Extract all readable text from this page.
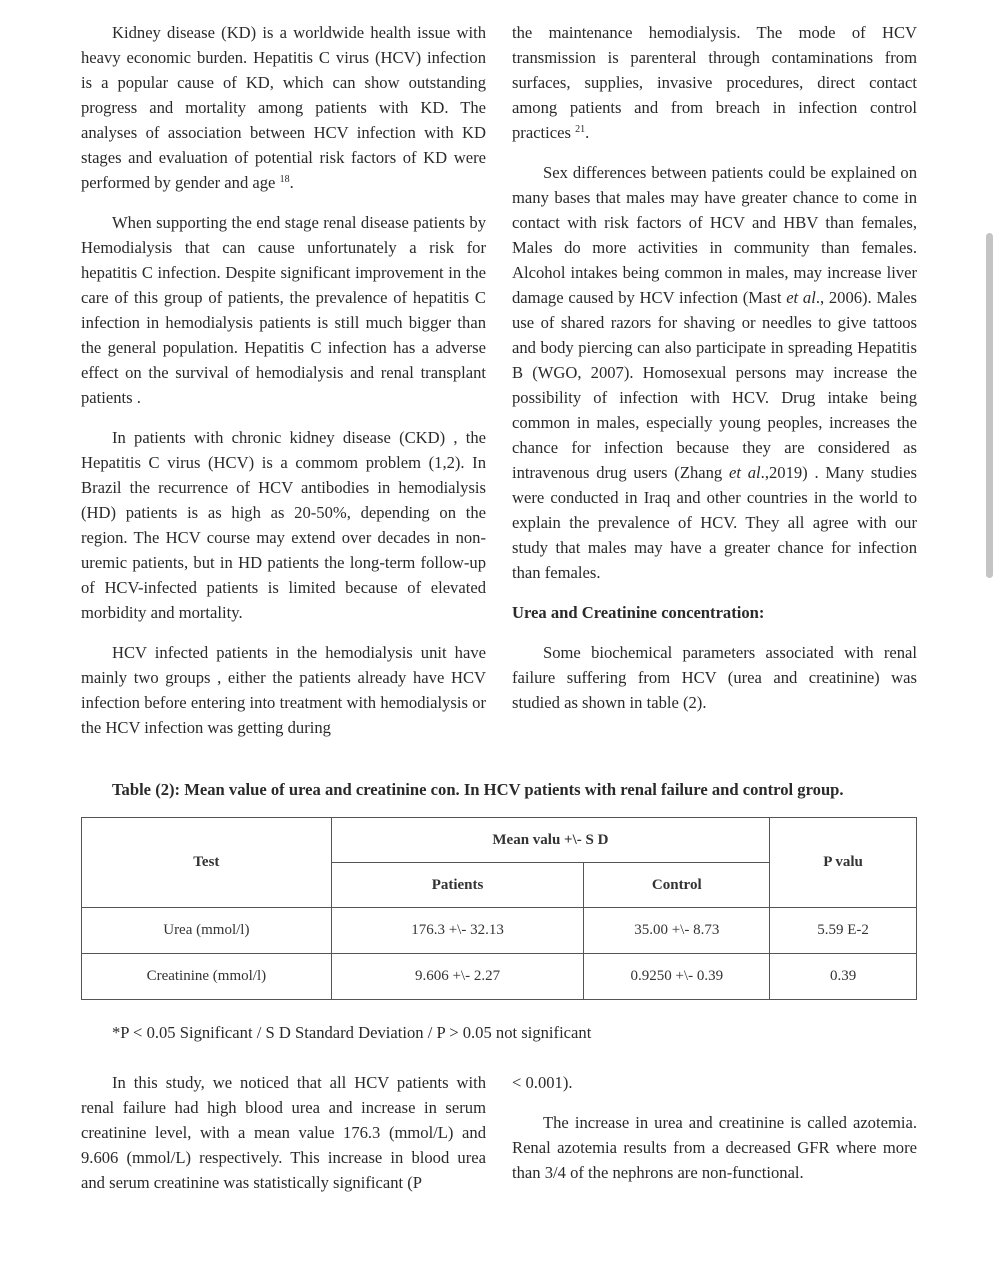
Kidney disease (KD) is a worldwide health issue with heavy economic burden. Hepatitis C virus (HCV) infection is a popular cause of KD, which can show outstanding progress and mortality among patients with KD. The analyses of association between HCV infection with KD stages and evaluation of potential risk factors of KD were performed by gender and age $^{18}$.

When supporting the end stage renal disease patients by Hemodialysis that can cause unfortunately a risk for hepatitis C infection. Despite significant improvement in the care of this group of patients, the prevalence of hepatitis C infection in hemodialysis patients is still much bigger than the general population. Hepatitis C infection has a adverse effect on the survival of hemodialysis and renal transplant patients .

In patients with chronic kidney disease (CKD) , the Hepatitis C virus (HCV) is a commom problem (1,2). In Brazil the recurrence of HCV antibodies in hemodialysis (HD) patients is as high as 20-50%, depending on the region. The HCV course may extend over decades in non-uremic patients, but in HD patients the long-term follow-up of HCV-infected patients is limited because of elevated morbidity and mortality.

HCV infected patients in the hemodialysis unit have mainly two groups , either the patients already have HCV infection before entering into treatment with hemodialysis or the HCV infection was getting during

the maintenance hemodialysis. The mode of HCV transmission is parenteral through contaminations from surfaces, supplies, invasive procedures, direct contact among patients and from breach in infection control practices $^{21}$.

Sex differences between patients could be explained on many bases that males may have greater chance to come in contact with risk factors of HCV and HBV than females, Males do more activities in community than females. Alcohol intakes being common in males, may increase liver damage caused by HCV infection (Mast et al., 2006). Males use of shared razors for shaving or needles to give tattoos and body piercing can also participate in spreading Hepatitis B (WGO, 2007). Homosexual persons may increase the possibility of infection with HCV. Drug intake being common in males, especially young peoples, increases the chance for infection because they are considered as intravenous drug users (Zhang et al.,2019) . Many studies were conducted in Iraq and other countries in the world to explain the prevalence of HCV. They all agree with our study that males may have a greater chance for infection than females.

Urea and Creatinine concentration:

Some biochemical parameters associated with renal failure suffering from HCV (urea and creatinine) was studied as shown in table (2).

Table (2): Mean value of urea and creatinine con. In HCV patients with renal failure and control group.
Test	Mean valu +\- S D		P valu
	Patients	Control	
Urea (mmol/l)	176.3 +\- 32.13	35.00 +\- 8.73	5.59 E-2
Creatinine (mmol/l)	9.606 +\- 2.27	0.9250 +\- 0.39	0.39
*P < 0.05 Significant / S D Standard Deviation / P > 0.05 not significant

In this study, we noticed that all HCV patients with renal failure had high blood urea and increase in serum creatinine level, with a mean value 176.3 (mmol/L) and 9.606 (mmol/L) respectively. This increase in blood urea and serum creatinine was statistically significant (P

< 0.001).

The increase in urea and creatinine is called azotemia. Renal azotemia results from a decreased GFR where more than 3/4 of the nephrons are non-functional.
